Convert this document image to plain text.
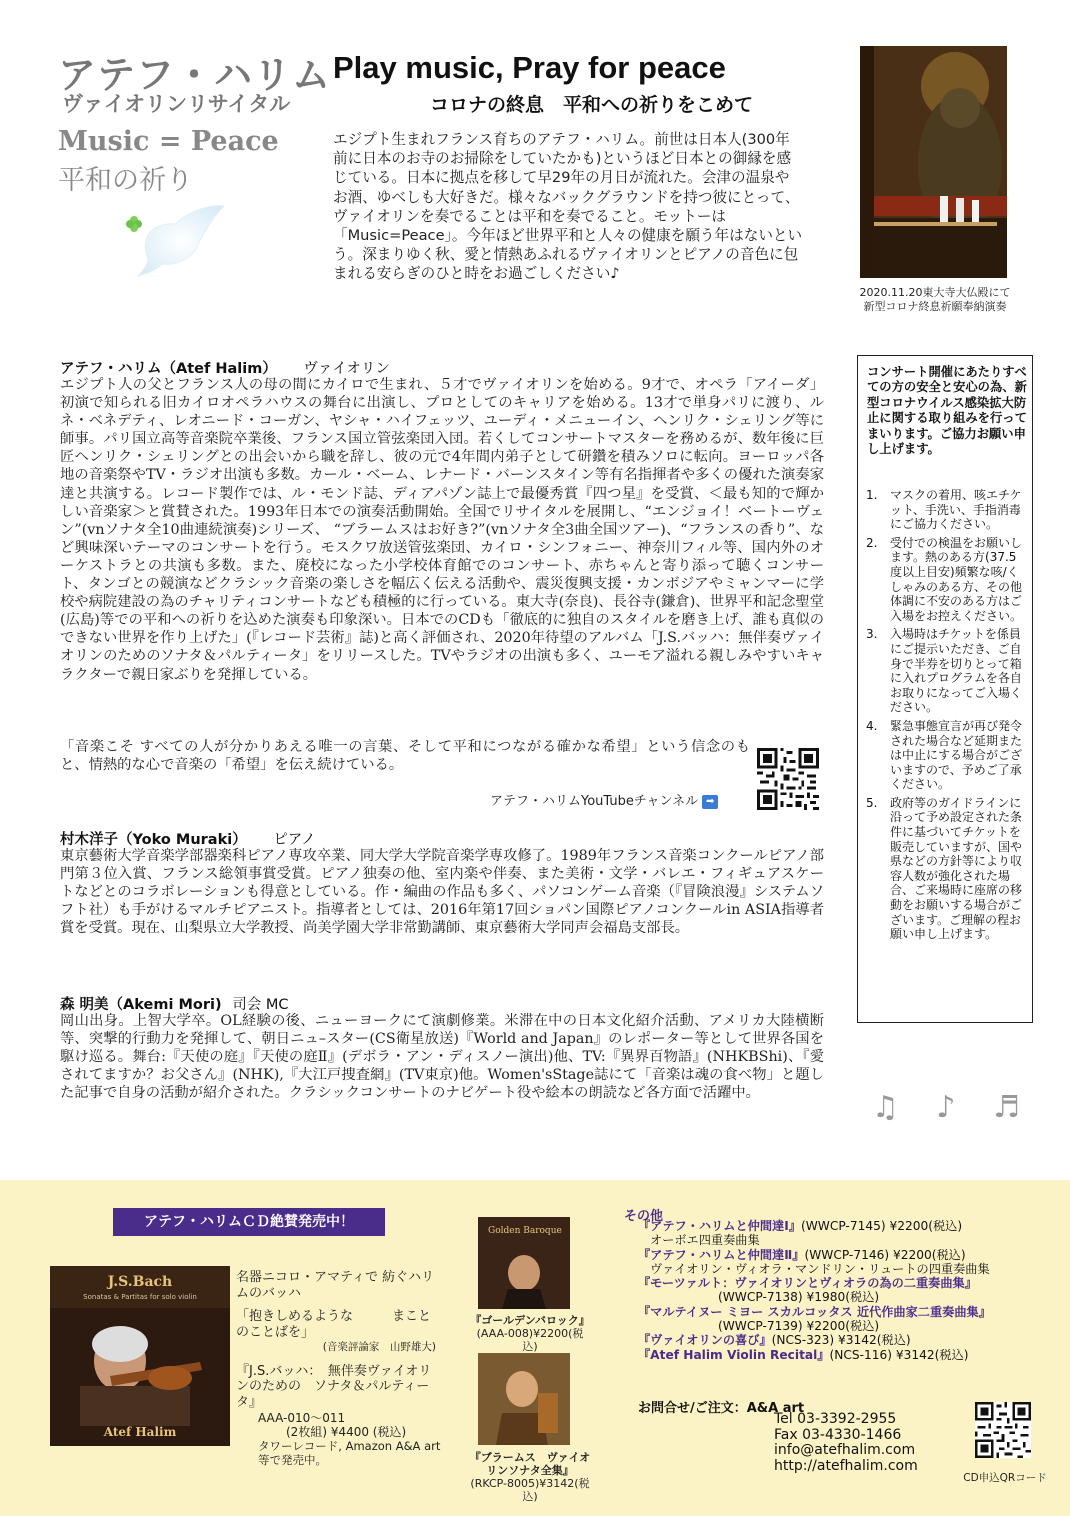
アテフ・ハリム
ヴァイオリンリサイタル
Music = Peace
平和の祈り
Play music, Pray for peace
コロナの終息　平和への祈りをこめて
エジプト生まれフランス育ちのアテフ・ハリム。前世は日本人(300年前に日本のお寺のお掃除をしていたかも)というほど日本との御縁を感じている。日本に拠点を移して早29年の月日が流れた。会津の温泉やお酒、ゆべしも大好きだ。様々なバックグラウンドを持つ彼にとって、ヴァイオリンを奏でることは平和を奏でること。モットーは「Music=Peace」。今年ほど世界平和と人々の健康を願う年はないという。深まりゆく秋、愛と情熱あふれるヴァイオリンとピアノの音色に包まれる安らぎのひと時をお過ごしください♪
2020.11.20東大寺大仏殿にて
新型コロナ終息祈願奉納演奏
アテフ・ハリム（Atef Halim） ヴァイオリン
エジプト人の父とフランス人の母の間にカイロで生まれ、５才でヴァイオリンを始める。9才で、オペラ「アイーダ」初演で知られる旧カイロオペラハウスの舞台に出演し、プロとしてのキャリアを始める。13才で単身パリに渡り、ルネ・ベネデティ、レオニード・コーガン、ヤシャ・ハイフェッツ、ユーディ・メニューイン、ヘンリク・シェリング等に師事。パリ国立高等音楽院卒業後、フランス国立管弦楽団入団。若くしてコンサートマスターを務めるが、数年後に巨匠ヘンリク・シェリングとの出会いから職を辞し、彼の元で4年間内弟子として研鑽を積みソロに転向。ヨーロッパ各地の音楽祭やTV・ラジオ出演も多数。カール・ベーム、レナード・バーンスタイン等有名指揮者や多くの優れた演奏家達と共演する。レコード製作では、ル・モンド誌、ディアパゾン誌上で最優秀賞『四つ星』を受賞、＜最も知的で輝かしい音楽家＞と賞賛された。1993年日本での演奏活動開始。全国でリサイタルを展開し、“エンジョイ！ベートーヴェン”(vnソナタ全10曲連続演奏)シリーズ、 “ブラームスはお好き?”(vnソナタ全3曲全国ツアー)、“フランスの香り”、など興味深いテーマのコンサートを行う。モスクワ放送管弦楽団、カイロ・シンフォニー、神奈川フィル等、国内外のオーケストラとの共演も多数。また、廃校になった小学校体育館でのコンサート、赤ちゃんと寄り添って聴くコンサート、タンゴとの競演などクラシック音楽の楽しさを幅広く伝える活動や、震災復興支援・カンボジアやミャンマーに学校や病院建設の為のチャリティコンサートなども積極的に行っている。東大寺(奈良)、長谷寺(鎌倉)、世界平和記念聖堂(広島)等での平和への祈りを込めた演奏も印象深い。日本でのCDも「徹底的に独自のスタイルを磨き上げ、誰も真似のできない世界を作り上げた」(『レコード芸術』誌)と高く評価され、2020年待望のアルバム「J.S.バッハ：無伴奏ヴァイオリンのためのソナタ＆パルティータ」をリリースした。TVやラジオの出演も多く、ユーモア溢れる親しみやすいキャラクターで親日家ぶりを発揮している。
「音楽こそ すべての人が分かりあえる唯一の言葉、そして平和につながる確かな希望」という信念のもと、情熱的な心で音楽の「希望」を伝え続けている。
アテフ・ハリムYouTubeチャンネル ➡
村木洋子（Yoko Muraki） ピアノ
東京藝術大学音楽学部器楽科ピアノ専攻卒業、同大学大学院音楽学専攻修了。1989年フランス音楽コンクールピアノ部門第３位入賞、フランス総領事賞受賞。ピアノ独奏の他、室内楽や伴奏、また美術・文学・バレエ・フィギュアスケートなどとのコラボレーションも得意としている。作・編曲の作品も多く、パソコンゲーム音楽（『冒険浪漫』システムソフト社）も手がけるマルチピアニスト。指導者としては、2016年第17回ショパン国際ピアノコンクールin ASIA指導者賞を受賞。現在、山梨県立大学教授、尚美学園大学非常勤講師、東京藝術大学同声会福島支部長。
森 明美（Akemi Mori) 司会 MC
岡山出身。上智大学卒。OL経験の後、ニューヨークにて演劇修業。米滞在中の日本文化紹介活動、アメリカ大陸横断等、突撃的行動力を発揮して、朝日ニュ–スター(CS衛星放送)『World and Japan』のレポーター等として世界各国を駆け巡る。舞台:『天使の庭』『天使の庭Ⅱ』(デボラ・アン・ディスノー演出)他、TV:『異界百物語』(NHKBShi)、『愛されてますか？お父さん』(NHK),『大江戸捜査網』(TV東京)他。Women'sStage誌にて「音楽は魂の食べ物」と題した記事で自身の活動が紹介された。クラシックコンサートのナビゲート役や絵本の朗読など各方面で活躍中。
コンサート開催にあたりすべての方の安全と安心の為、新型コロナウイルス感染拡大防止に関する取り組みを行ってまいります。ご協力お願い申し上げます。
1. マスクの着用、咳エチケット、手洗い、手指消毒にご協力ください。
2. 受付での検温をお願いします。熱のある方(37.5度以上目安)頻繁な咳/くしゃみのある方、その他体調に不安のある方はご入場をお控えください。
3. 入場時はチケットを係員にご提示いただき、ご自身で半券を切りとって箱に入れプログラムを各自お取りになってご入場ください。
4. 緊急事態宣言が再び発令された場合など延期または中止にする場合がございますので、予めご了承ください。
5. 政府等のガイドラインに沿って予め設定された条件に基づいてチケットを販売していますが、国や県などの方針等により収容人数が強化された場合、ご来場時に座席の移動をお願いする場合がございます。ご理解の程お願い申し上げます。
♫ ♪ ♬
アテフ・ハリムＣＤ絶賛発売中！
J.S.Bach
Sonatas & Partitas for solo violin
Atef Halim
名器ニコロ・アマティで 紡ぐハリムのバッハ
「抱きしめるような　　　まことのことばを」
(音楽評論家　山野雄大)
『J.S.バッハ：　無伴奏ヴァイオリンのための　ソナタ＆パルティータ』
AAA-010〜011
(2枚組) ¥4400 (税込)
タワーレコード, Amazon A&A art 等で発売中。
Golden Baroque
『ゴールデンバロック』
(AAA-008)¥2200(税込)
『ブラームス　ヴァイオリンソナタ全集』
(RKCP-8005)¥3142(税込)
その他
『アテフ・ハリムと仲間達Ⅰ』(WWCP-7145) ¥2200(税込)
オーボエ四重奏曲集
『アテフ・ハリムと仲間達Ⅱ』(WWCP-7146) ¥2200(税込)
ヴァイオリン・ヴィオラ・マンドリン・リュートの四重奏曲集
『モーツァルト：ヴァイオリンとヴィオラの為の二重奏曲集』
(WWCP-7138) ¥1980(税込)
『マルテイヌー ミヨー スカルコッタス 近代作曲家二重奏曲集』
(WWCP-7139) ¥2200(税込)
『ヴァイオリンの喜び』(NCS-323) ¥3142(税込)
『Atef Halim Violin Recital』(NCS-116) ¥3142(税込)
お問合せ/ご注文：A&A art
Tel 03-3392-2955
Fax 03-4330-1466
info@atefhalim.com
http://atefhalim.com
CD申込QRコード
